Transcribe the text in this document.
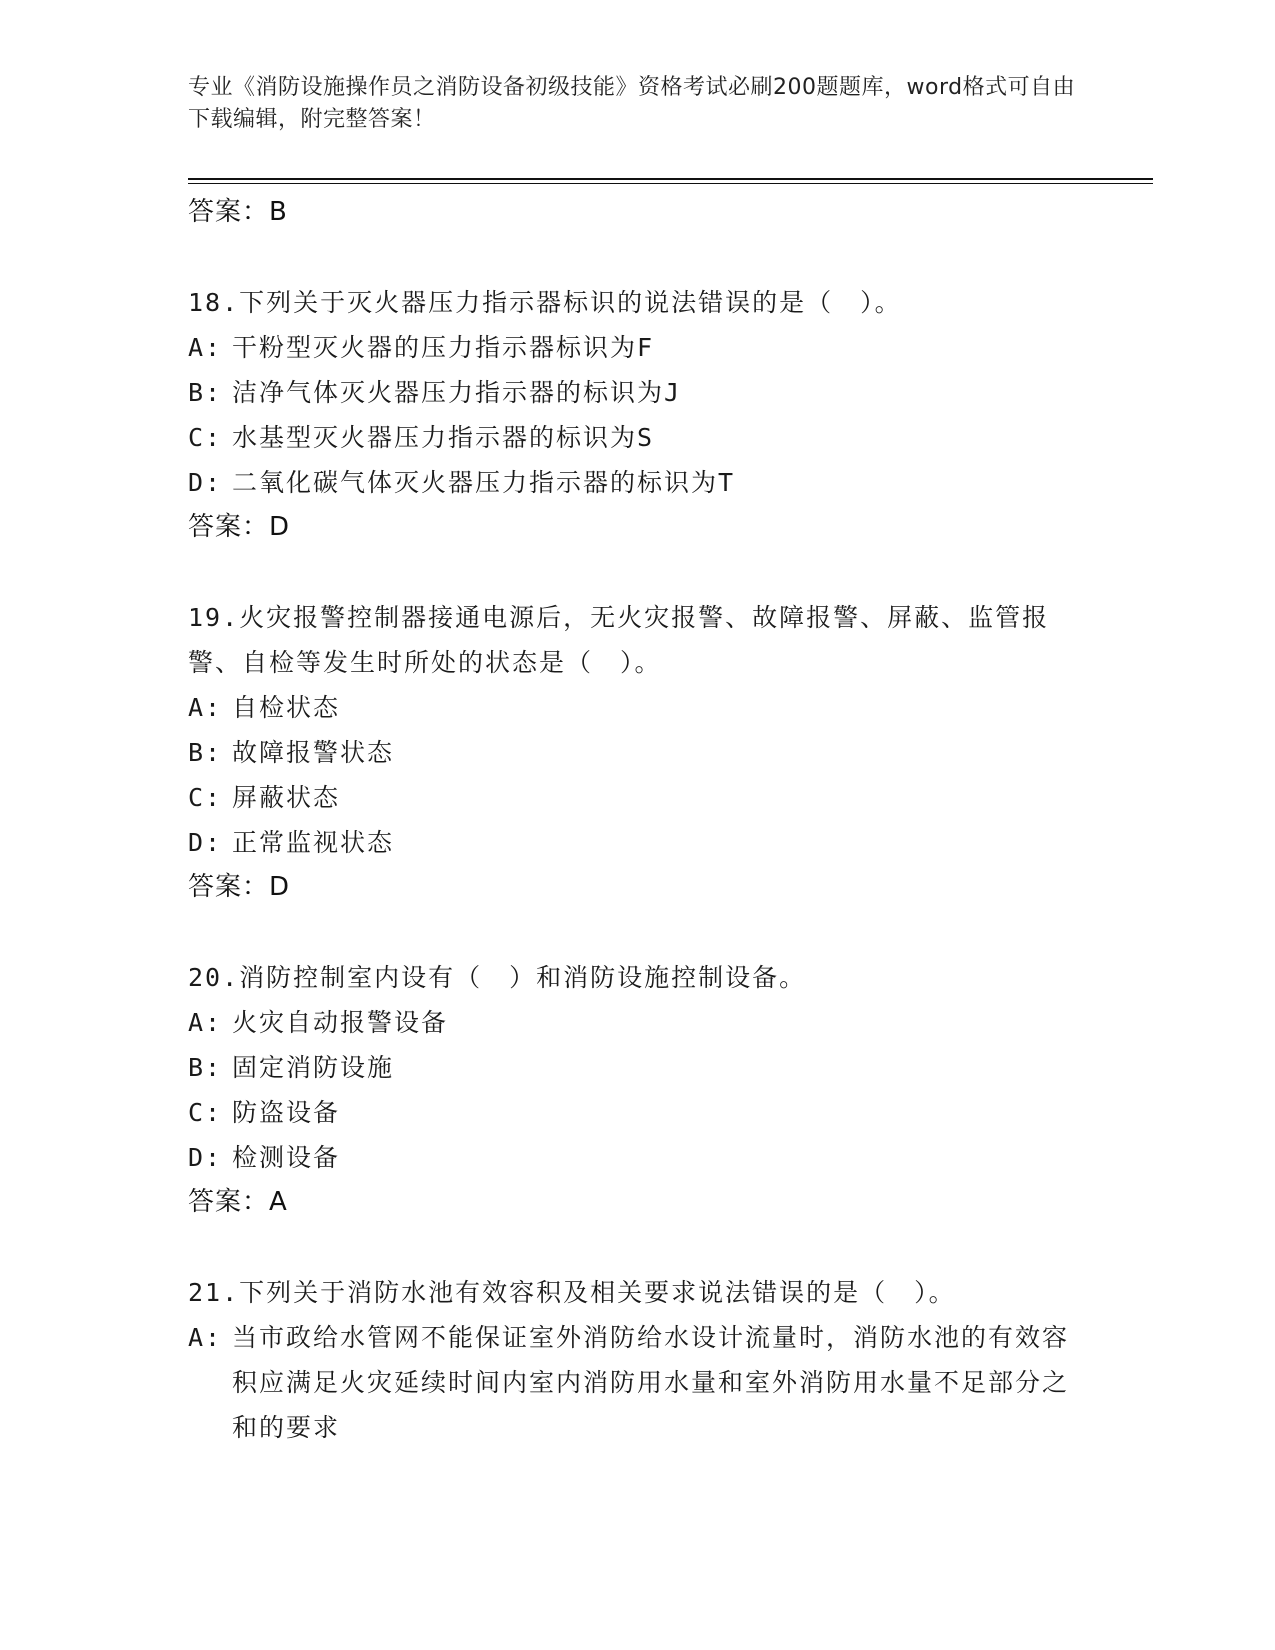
专业《消防设施操作员之消防设备初级技能》资格考试必刷200题题库，word格式可自由下载编辑，附完整答案！
答案：B

18.下列关于灭火器压力指示器标识的说法错误的是（　）。

A: 干粉型灭火器的压力指示器标识为F
B: 洁净气体灭火器压力指示器的标识为J
C: 水基型灭火器压力指示器的标识为S
D: 二氧化碳气体灭火器压力指示器的标识为T
答案：D

19.火灾报警控制器接通电源后，无火灾报警、故障报警、屏蔽、监管报警、自检等发生时所处的状态是（　）。

A: 自检状态
B: 故障报警状态
C: 屏蔽状态
D: 正常监视状态
答案：D

20.消防控制室内设有（　）和消防设施控制设备。

A: 火灾自动报警设备
B: 固定消防设施
C: 防盗设备
D: 检测设备
答案：A

21.下列关于消防水池有效容积及相关要求说法错误的是（　）。

A: 当市政给水管网不能保证室外消防给水设计流量时，消防水池的有效容积应满足火灾延续时间内室内消防用水量和室外消防用水量不足部分之和的要求
